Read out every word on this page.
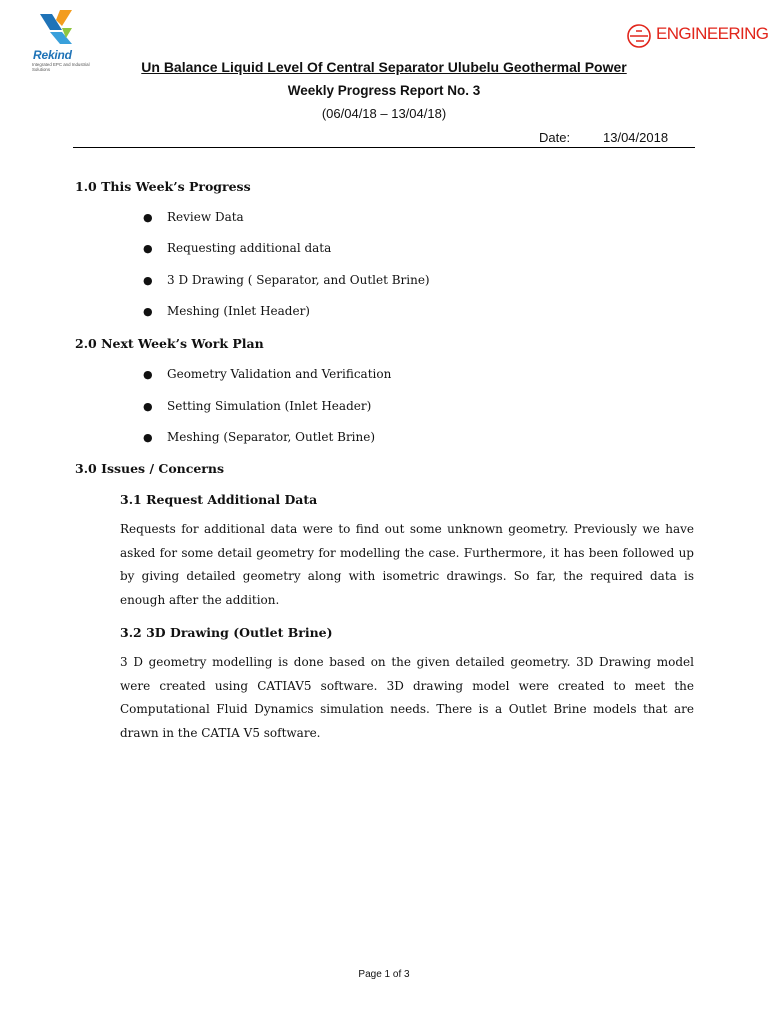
Rekind
Integrated EPC and Industrial Solutions
ENGINEERING
Un Balance Liquid Level Of Central Separator Ulubelu Geothermal Power
Weekly Progress Report No. 3
(06/04/18 – 13/04/18)
Date:	13/04/2018
1.0 This Week’s Progress
●	Review Data
●	Requesting additional data
●	3 D Drawing ( Separator, and Outlet Brine)
●	Meshing (Inlet Header)
2.0 Next Week’s Work Plan
●	Geometry Validation and Verification
●	Setting Simulation (Inlet Header)
●	Meshing (Separator, Outlet Brine)
3.0 Issues / Concerns
3.1 Request Additional Data
Requests for additional data were to find out some unknown geometry. Previously we have asked for some detail geometry for modelling the case. Furthermore, it has been followed up by giving detailed geometry along with isometric drawings. So far, the required data is enough after the addition.
3.2 3D Drawing (Outlet Brine)
3 D geometry modelling is done based on the given detailed geometry. 3D Drawing model were created using CATIAV5 software. 3D drawing model were created to meet the Computational Fluid Dynamics simulation needs. There is a Outlet Brine models that are drawn in the CATIA V5 software.
Page 1 of 3
